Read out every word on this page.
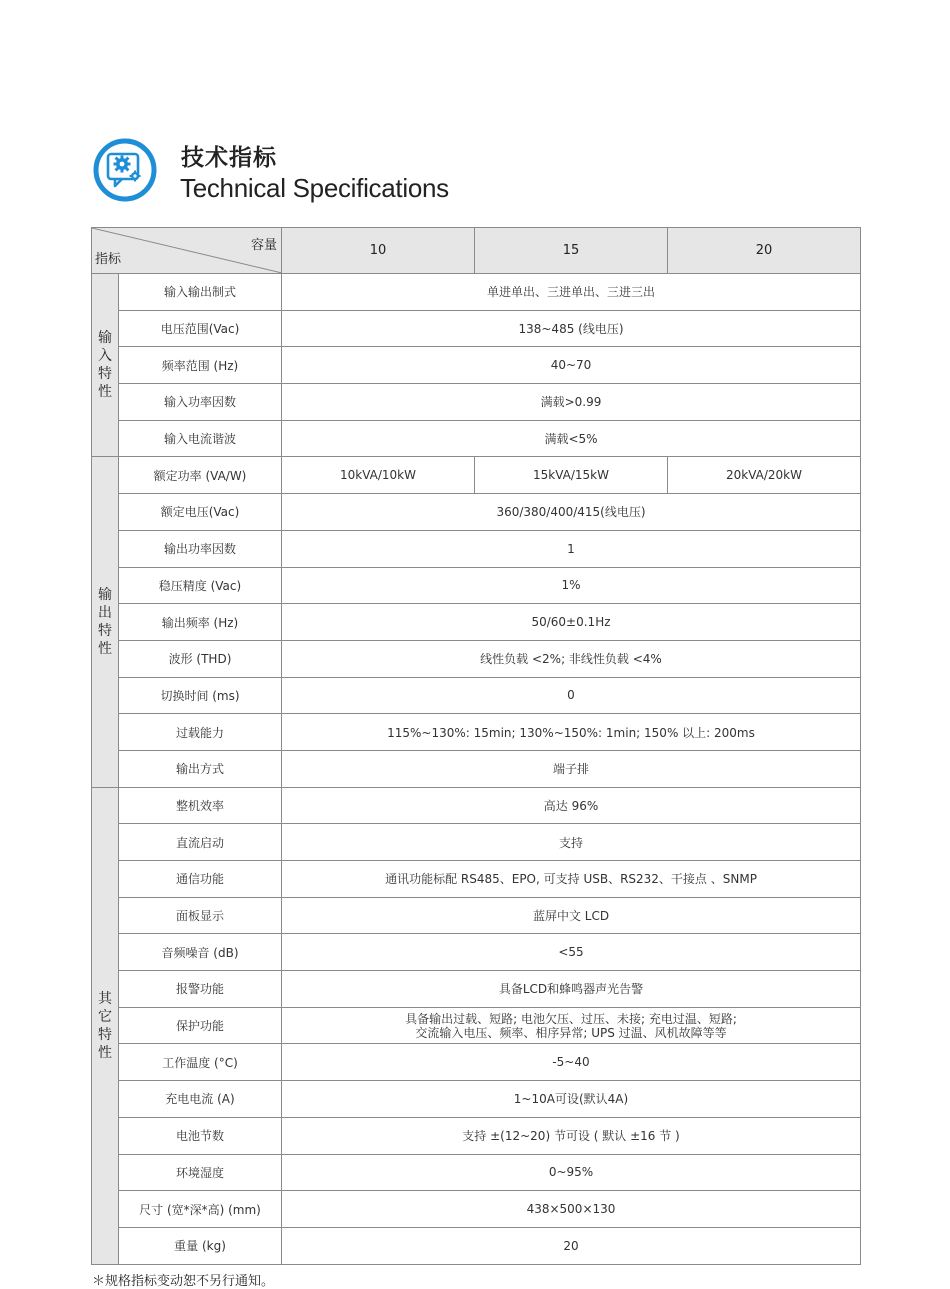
技术指标
Technical Specifications
容量
指标		10	15	20

输入特性	输入输出制式	单进单出、三进单出、三进三出		
	电压范围(Vac)	138~485 (线电压)		
	频率范围 (Hz)	40~70		
	输入功率因数	满载>0.99		
	输入电流谐波	满载<5%		

输出特性	额定功率 (VA/W)	10kVA/10kW	15kVA/15kW	20kVA/20kW
	额定电压(Vac)	360/380/400/415(线电压)		
	输出功率因数	1		
	稳压精度 (Vac)	1%		
	输出频率 (Hz)	50/60±0.1Hz		
	波形 (THD)	线性负载 <2%; 非线性负载 <4%		
	切换时间 (ms)	0		
	过载能力	115%~130%: 15min; 130%~150%: 1min; 150% 以上: 200ms		
	输出方式	端子排		

其它特性	整机效率	高达 96%		
	直流启动	支持		
	通信功能	通讯功能标配 RS485、EPO, 可支持 USB、RS232、干接点 、SNMP		
	面板显示	蓝屏中文 LCD		
	音频噪音 (dB)	<55		
	报警功能	具备LCD和蜂鸣器声光告警		
	保护功能	具备输出过载、短路; 电池欠压、过压、未接; 充电过温、短路;
交流输入电压、频率、相序异常; UPS 过温、风机故障等等		

	工作温度 (°C)	-5~40		
	充电电流 (A)	1~10A可设(默认4A)		
	电池节数	支持 ±(12~20) 节可设 ( 默认 ±16 节 )		
	环境湿度	0~95%		
	尺寸 (宽*深*高) (mm)	438×500×130		
	重量 (kg)	20		
＊规格指标变动恕不另行通知。
